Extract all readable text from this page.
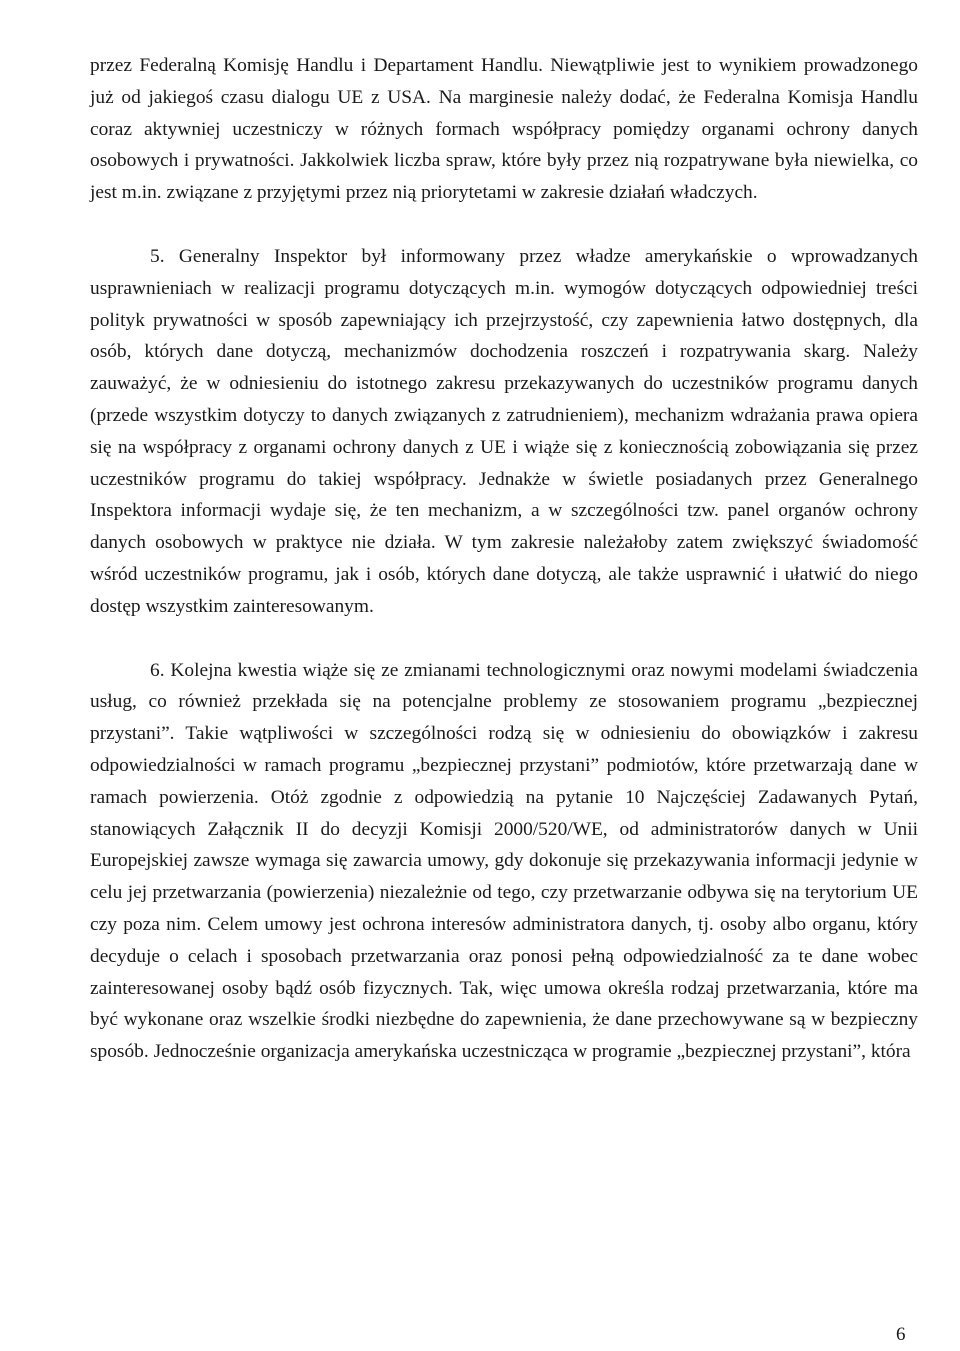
przez Federalną Komisję Handlu i Departament Handlu. Niewątpliwie jest to wynikiem prowadzonego już od jakiegoś czasu dialogu UE z USA. Na marginesie należy dodać, że Federalna Komisja Handlu coraz aktywniej uczestniczy w różnych formach współpracy pomiędzy organami ochrony danych osobowych i prywatności. Jakkolwiek liczba spraw, które były przez nią rozpatrywane była niewielka, co jest m.in. związane z przyjętymi przez nią priorytetami w zakresie działań władczych.

5. Generalny Inspektor był informowany przez władze amerykańskie o wprowadzanych usprawnieniach w realizacji programu dotyczących m.in. wymogów dotyczących odpowiedniej treści polityk prywatności w sposób zapewniający ich przejrzystość, czy zapewnienia łatwo dostępnych, dla osób, których dane dotyczą, mechanizmów dochodzenia roszczeń i rozpatrywania skarg. Należy zauważyć, że w odniesieniu do istotnego zakresu przekazywanych do uczestników programu danych (przede wszystkim dotyczy to danych związanych z zatrudnieniem), mechanizm wdrażania prawa opiera się na współpracy z organami ochrony danych z UE i wiąże się z koniecznością zobowiązania się przez uczestników programu do takiej współpracy. Jednakże w świetle posiadanych przez Generalnego Inspektora informacji wydaje się, że ten mechanizm, a w szczególności tzw. panel organów ochrony danych osobowych w praktyce nie działa. W tym zakresie należałoby zatem zwiększyć świadomość wśród uczestników programu, jak i osób, których dane dotyczą, ale także usprawnić i ułatwić do niego dostęp wszystkim zainteresowanym.

6. Kolejna kwestia wiąże się ze zmianami technologicznymi oraz nowymi modelami świadczenia usług, co również przekłada się na potencjalne problemy ze stosowaniem programu „bezpiecznej przystani”. Takie wątpliwości w szczególności rodzą się w odniesieniu do obowiązków i zakresu odpowiedzialności w ramach programu „bezpiecznej przystani” podmiotów, które przetwarzają dane w ramach powierzenia. Otóż zgodnie z odpowiedzią na pytanie 10 Najczęściej Zadawanych Pytań, stanowiących Załącznik II do decyzji Komisji 2000/520/WE, od administratorów danych w Unii Europejskiej zawsze wymaga się zawarcia umowy, gdy dokonuje się przekazywania informacji jedynie w celu jej przetwarzania (powierzenia) niezależnie od tego, czy przetwarzanie odbywa się na terytorium UE czy poza nim. Celem umowy jest ochrona interesów administratora danych, tj. osoby albo organu, który decyduje o celach i sposobach przetwarzania oraz ponosi pełną odpowiedzialność za te dane wobec zainteresowanej osoby bądź osób fizycznych. Tak, więc umowa określa rodzaj przetwarzania, które ma być wykonane oraz wszelkie środki niezbędne do zapewnienia, że dane przechowywane są w bezpieczny sposób. Jednocześnie organizacja amerykańska uczestnicząca w programie „bezpiecznej przystani”, która

6
